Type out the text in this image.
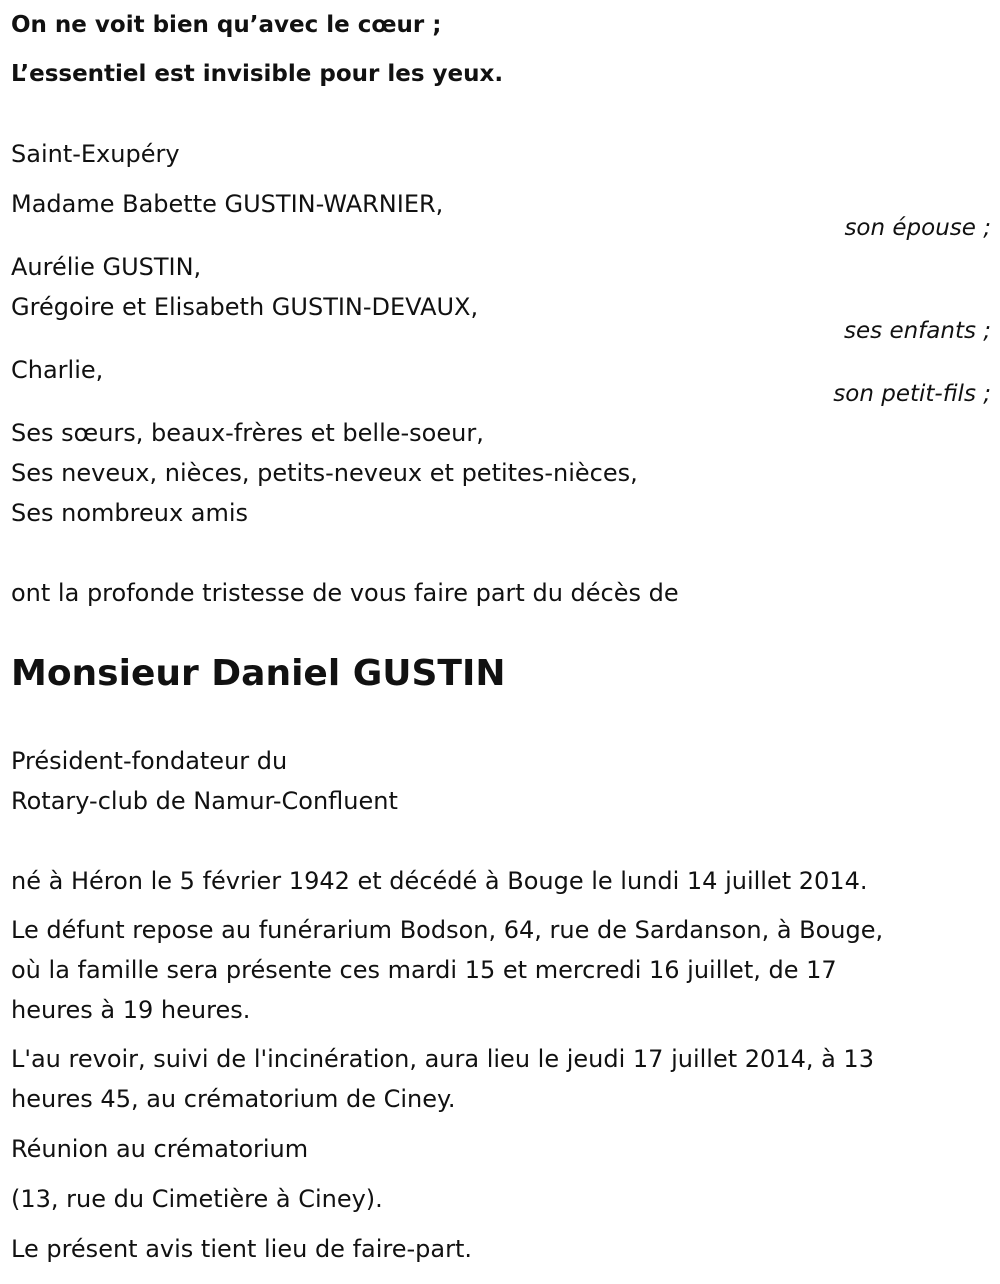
On ne voit bien qu’avec le cœur ;
L’essentiel est invisible pour les yeux.
Saint-Exupéry
Madame Babette GUSTIN-WARNIER,
son épouse ;
Aurélie GUSTIN,
Grégoire et Elisabeth GUSTIN-DEVAUX,
ses enfants ;
Charlie,
son petit-fils ;
Ses sœurs, beaux-frères et belle-soeur,
Ses neveux, nièces, petits-neveux et petites-nièces,
Ses nombreux amis
ont la profonde tristesse de vous faire part du décès de
Monsieur Daniel GUSTIN
Président-fondateur du
Rotary-club de Namur-Confluent
né à Héron le 5 février 1942 et décédé à Bouge le lundi 14 juillet 2014.
Le défunt repose au funérarium Bodson, 64, rue de Sardanson, à Bouge,
où la famille sera présente ces mardi 15 et mercredi 16 juillet, de 17
heures à 19 heures.
L'au revoir, suivi de l'incinération, aura lieu le jeudi 17 juillet 2014, à 13
heures 45, au crématorium de Ciney.
Réunion au crématorium
(13, rue du Cimetière à Ciney).
Le présent avis tient lieu de faire-part.
